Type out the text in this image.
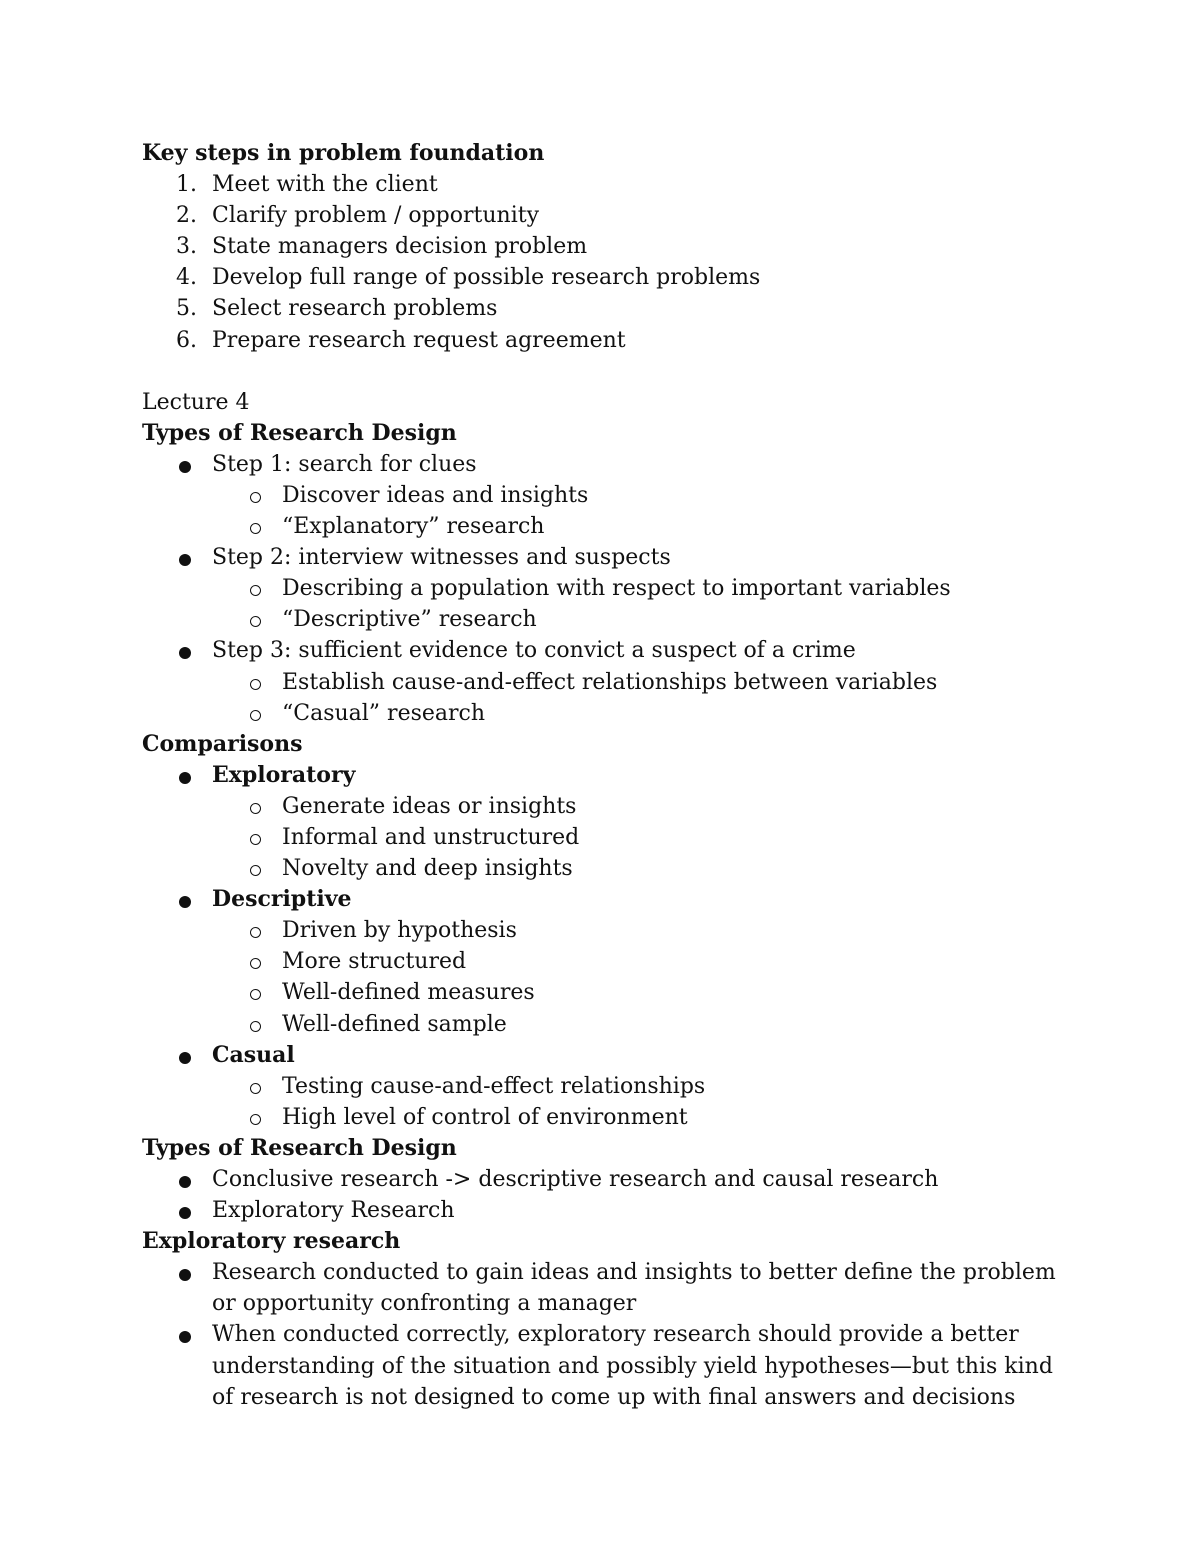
Key steps in problem foundation
1. Meet with the client
2. Clarify problem / opportunity
3. State managers decision problem
4. Develop full range of possible research problems
5. Select research problems
6. Prepare research request agreement
Lecture 4
Types of Research Design
Step 1: search for clues
Discover ideas and insights
“Explanatory” research
Step 2: interview witnesses and suspects
Describing a population with respect to important variables
“Descriptive” research
Step 3: sufficient evidence to convict a suspect of a crime
Establish cause-and-effect relationships between variables
“Casual” research
Comparisons
Exploratory
Generate ideas or insights
Informal and unstructured
Novelty and deep insights
Descriptive
Driven by hypothesis
More structured
Well-defined measures
Well-defined sample
Casual
Testing cause-and-effect relationships
High level of control of environment
Types of Research Design
Conclusive research -> descriptive research and causal research
Exploratory Research
Exploratory research
Research conducted to gain ideas and insights to better define the problem or opportunity confronting a manager
When conducted correctly, exploratory research should provide a better understanding of the situation and possibly yield hypotheses—but this kind of research is not designed to come up with final answers and decisions
